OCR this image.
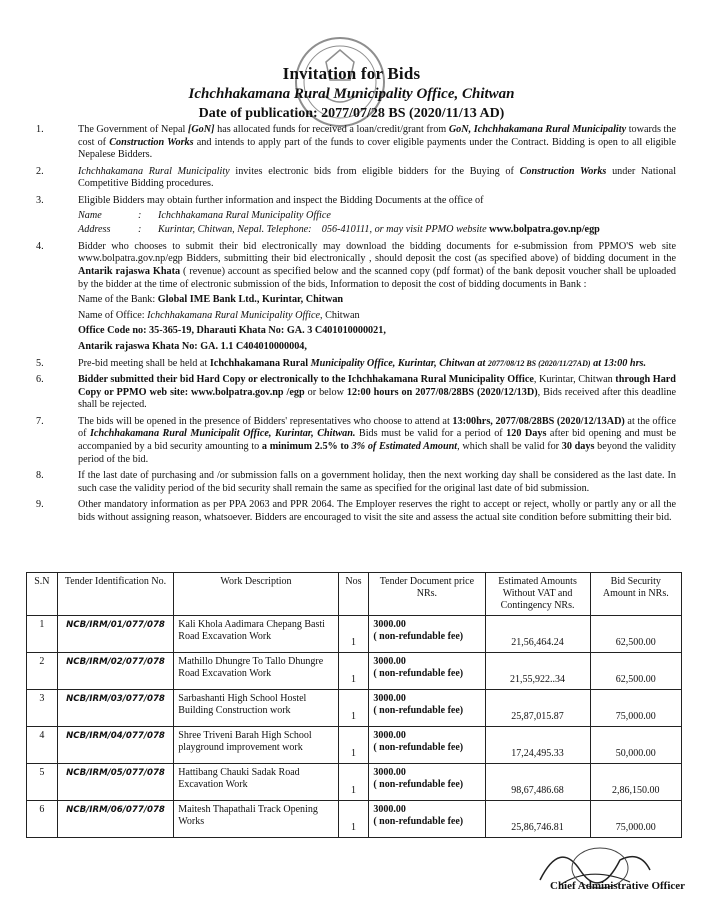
Invitation for Bids
Ichchhakamana Rural Municipality Office, Chitwan
Date of publication: 2077/07/28 BS (2020/11/13 AD)
1.	The Government of Nepal [GoN] has allocated funds for received a loan/credit/grant from GoN, Ichchhakamana Rural Municipality towards the cost of Construction Works and intends to apply part of the funds to cover eligible payments under the Contract. Bidding is open to all eligible Nepalese Bidders.
2.	Ichchhakamana Rural Municipality invites electronic bids from eligible bidders for the Buying of Construction Works under National Competitive Bidding procedures.
3.	Eligible Bidders may obtain further information and inspect the Bidding Documents at the office of
Name	:	Ichchhakamana Rural Municipality Office
Address	:	Kurintar, Chitwan, Nepal. Telephone:
056-410111, or may visit PPMO website
www.bolpatra.gov.np/egp
4.	Bidder who chooses to submit their bid electronically may download the bidding documents for e-submission from PPMO'S web site www.bolpatra.gov.np/egp Bidders, submitting their bid electronically , should deposit the cost (as specified above) of bidding document in the Antarik rajaswa Khata ( revenue) account as specified below and the scanned copy (pdf format) of the bank deposit voucher shall be uploaded by the bidder at the time of electronic submission of the bids, Information to deposit the cost of bidding documents in Bank :
Name of the Bank: Global IME Bank Ltd., Kurintar, Chitwan
Name of Office: Ichchhakamana Rural Municipality Office, Chitwan
Office Code no: 35-365-19, Dharauti Khata No: GA. 3 C401010000021,
Antarik rajaswa Khata No: GA. 1.1 C404010000004,
5.	Pre-bid meeting shall be held at Ichchhakamana Rural Municipality Office, Kurintar, Chitwan at 2077/08/12 BS (2020/11/27AD) at 13:00 hrs.
6.	Bidder submitted their bid Hard Copy or electronically to the Ichchhakamana Rural Municipality Office, Kurintar, Chitwan through Hard Copy or PPMO web site: www.bolpatra.gov.np /egp or below 12:00 hours on 2077/08/28BS (2020/12/13D), Bids received after this deadline shall be rejected.
7.	The bids will be opened in the presence of Bidders' representatives who choose to attend at 13:00hrs, 2077/08/28BS (2020/12/13AD) at the office of Ichchhakamana Rural Municipalit Office, Kurintar, Chitwan. Bids must be valid for a period of 120 Days after bid opening and must be accompanied by a bid security amounting to a minimum 2.5% to 3% of Estimated Amount, which shall be valid for 30 days beyond the validity period of the bid.
8.	If the last date of purchasing and /or submission falls on a government holiday, then the next working day shall be considered as the last date. In such case the validity period of the bid security shall remain the same as specified for the original last date of bid submission.
9.	Other mandatory information as per PPA 2063 and PPR 2064. The Employer reserves the right to accept or reject, wholly or partly any or all the bids without assigning reason, whatsoever. Bidders are encouraged to visit the site and assess the actual site condition before submitting their bid.
S.N	Tender Identification No.	Work Description	Nos	Tender Document price NRs.	Estimated Amounts Without VAT and Contingency NRs.	Bid Security Amount in NRs.
1	NCB/IRM/01/077/078	Kali Khola Aadimara Chepang Basti Road Excavation Work	1	3000.00
( non-refundable fee)	21,56,464.24	62,500.00
2	NCB/IRM/02/077/078	Mathillo Dhungre To Tallo Dhungre Road Excavation Work	1	3000.00
( non-refundable fee)	21,55,922..34	62,500.00
3	NCB/IRM/03/077/078	Sarbashanti High School Hostel Building Construction work	1	3000.00
( non-refundable fee)	25,87,015.87	75,000.00
4	NCB/IRM/04/077/078	Shree Triveni Barah High School playground improvement work	1	3000.00
( non-refundable fee)	17,24,495.33	50,000.00
5	NCB/IRM/05/077/078	Hattibang Chauki Sadak Road Excavation Work	1	3000.00
( non-refundable fee)	98,67,486.68	2,86,150.00
6	NCB/IRM/06/077/078	Maitesh Thapathali Track Opening Works	1	3000.00
( non-refundable fee)	25,86,746.81	75,000.00
Chief Administrative Officer
